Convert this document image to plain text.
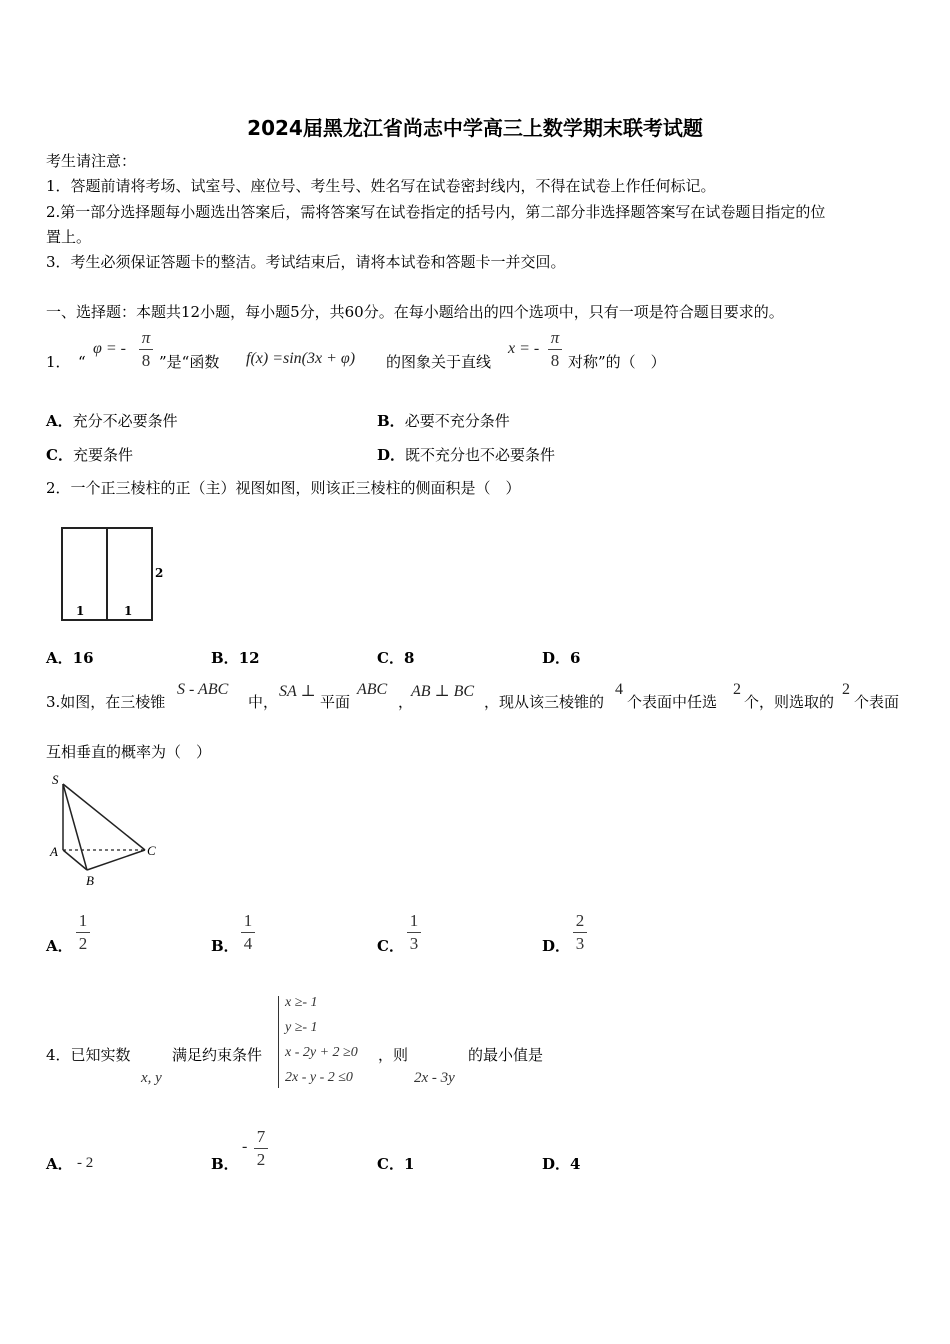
2024届黑龙江省尚志中学高三上数学期末联考试题
考生请注意：
1．答题前请将考场、试室号、座位号、考生号、姓名写在试卷密封线内，不得在试卷上作任何标记。
2.第一部分选择题每小题选出答案后，需将答案写在试卷指定的括号内，第二部分非选择题答案写在试卷题目指定的位
置上。
3．考生必须保证答题卡的整洁。考试结束后，请将本试卷和答题卡一并交回。
一、选择题：本题共12小题，每小题5分，共60分。在每小题给出的四个选项中，只有一项是符合题目要求的。
1． “
φ = -
π
8 ”是“函数 f(x) =sin(3x + φ) 的图象关于直线
x = -
π
8 对称”的（　）
A．充分不必要条件	B．必要不充分条件
C．充要条件	D．既不充分也不必要条件
2．一个正三棱柱的正（主）视图如图，则该正三棱柱的侧面积是（　）
1	1
2
A．16	B．12	C．8	D．6
3.如图，在三棱锥
S - ABC
中，
SA ⊥
平面
ABC
，
AB ⊥ BC
，现从该三棱锥的
4
个表面中任选
2
个，则选取的
2
个表面
互相垂直的概率为（　）
S
A
B
C
A．
1
2	B．
1
4	C．
1
3	D．
2
3
4．已知实数
x, y
满足约束条件
x ≥- 1
y ≥- 1
x - 2y + 2 ≥0
2x - y - 2 ≤0
，则
2x - 3y
的最小值是
A． - 2	B．
-
7
2	C．1	D．4
